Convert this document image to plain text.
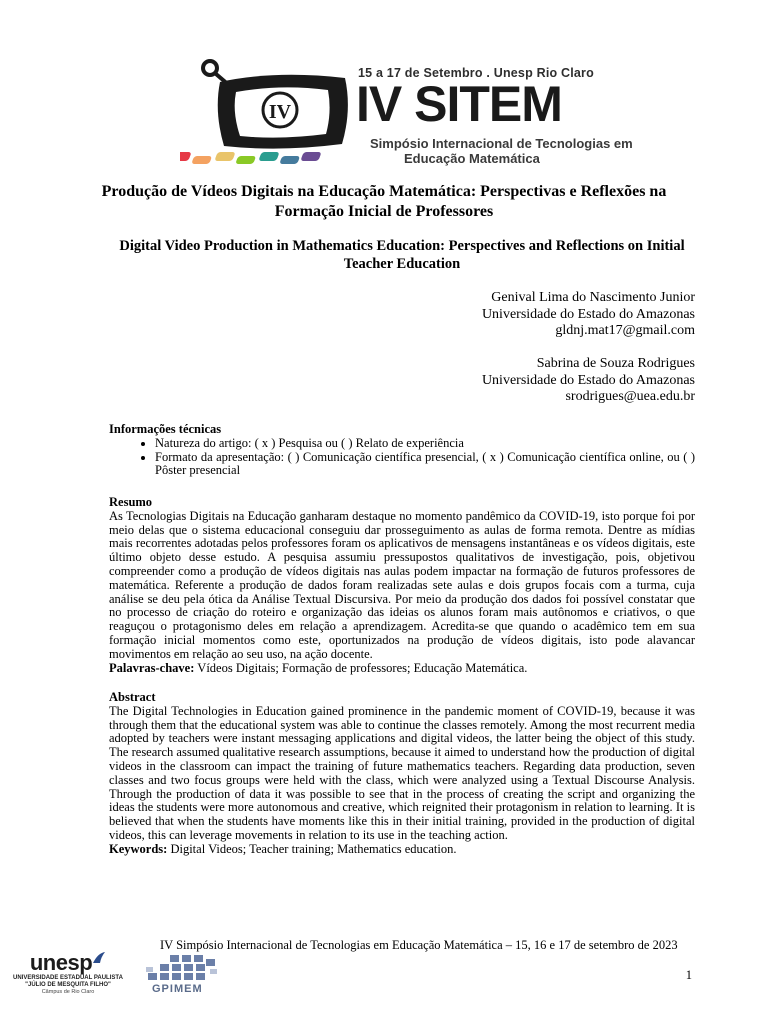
IV
15 a 17 de Setembro . Unesp Rio Claro
IV SITEM
Simpósio Internacional de Tecnologias em
Educação Matemática
Produção de Vídeos Digitais na Educação Matemática: Perspectivas e Reflexões na Formação Inicial de Professores
Digital Video Production in Mathematics Education: Perspectives and Reflections on Initial Teacher Education
Genival Lima do Nascimento Junior
Universidade do Estado do Amazonas
gldnj.mat17@gmail.com
Sabrina de Souza Rodrigues
Universidade do Estado do Amazonas
srodrigues@uea.edu.br
Informações técnicas
• Natureza do artigo: ( x ) Pesquisa ou ( ) Relato de experiência
• Formato da apresentação: ( ) Comunicação científica presencial, ( x ) Comunicação científica online, ou ( ) Pôster presencial
Resumo

As Tecnologias Digitais na Educação ganharam destaque no momento pandêmico da COVID-19, isto porque foi por meio delas que o sistema educacional conseguiu dar prosseguimento as aulas de forma remota. Dentre as mídias mais recorrentes adotadas pelos professores foram os aplicativos de mensagens instantâneas e os vídeos digitais, este último objeto desse estudo. A pesquisa assumiu pressupostos qualitativos de investigação, pois, objetivou compreender como a produção de vídeos digitais nas aulas podem impactar na formação de futuros professores de matemática. Referente a produção de dados foram realizadas sete aulas e dois grupos focais com a turma, cuja análise se deu pela ótica da Análise Textual Discursiva. Por meio da produção dos dados foi possível constatar que no processo de criação do roteiro e organização das ideias os alunos foram mais autônomos e criativos, o que reaguçou o protagonismo deles em relação a aprendizagem. Acredita-se que quando o acadêmico tem em sua formação inicial momentos como este, oportunizados na produção de vídeos digitais, isto pode alavancar movimentos em relação ao seu uso, na ação docente.

Palavras-chave: Vídeos Digitais; Formação de professores; Educação Matemática.

Abstract

The Digital Technologies in Education gained prominence in the pandemic moment of COVID-19, because it was through them that the educational system was able to continue the classes remotely. Among the most recurrent media adopted by teachers were instant messaging applications and digital videos, the latter being the object of this study. The research assumed qualitative research assumptions, because it aimed to understand how the production of digital videos in the classroom can impact the training of future mathematics teachers. Regarding data production, seven classes and two focus groups were held with the class, which were analyzed using a Textual Discourse Analysis. Through the production of data it was possible to see that in the process of creating the script and organizing the ideas the students were more autonomous and creative, which reignited their protagonism in relation to learning. It is believed that when the students have moments like this in their initial training, provided in the production of digital videos, this can leverage movements in relation to its use in the teaching action.

Keywords: Digital Videos; Teacher training; Mathematics education.

IV Simpósio Internacional de Tecnologias em Educação Matemática – 15, 16 e 17 de setembro de 2023
1
unesp
UNIVERSIDADE ESTADUAL PAULISTA
"JÚLIO DE MESQUITA FILHO"
Câmpus de Rio Claro	GPIMEM
